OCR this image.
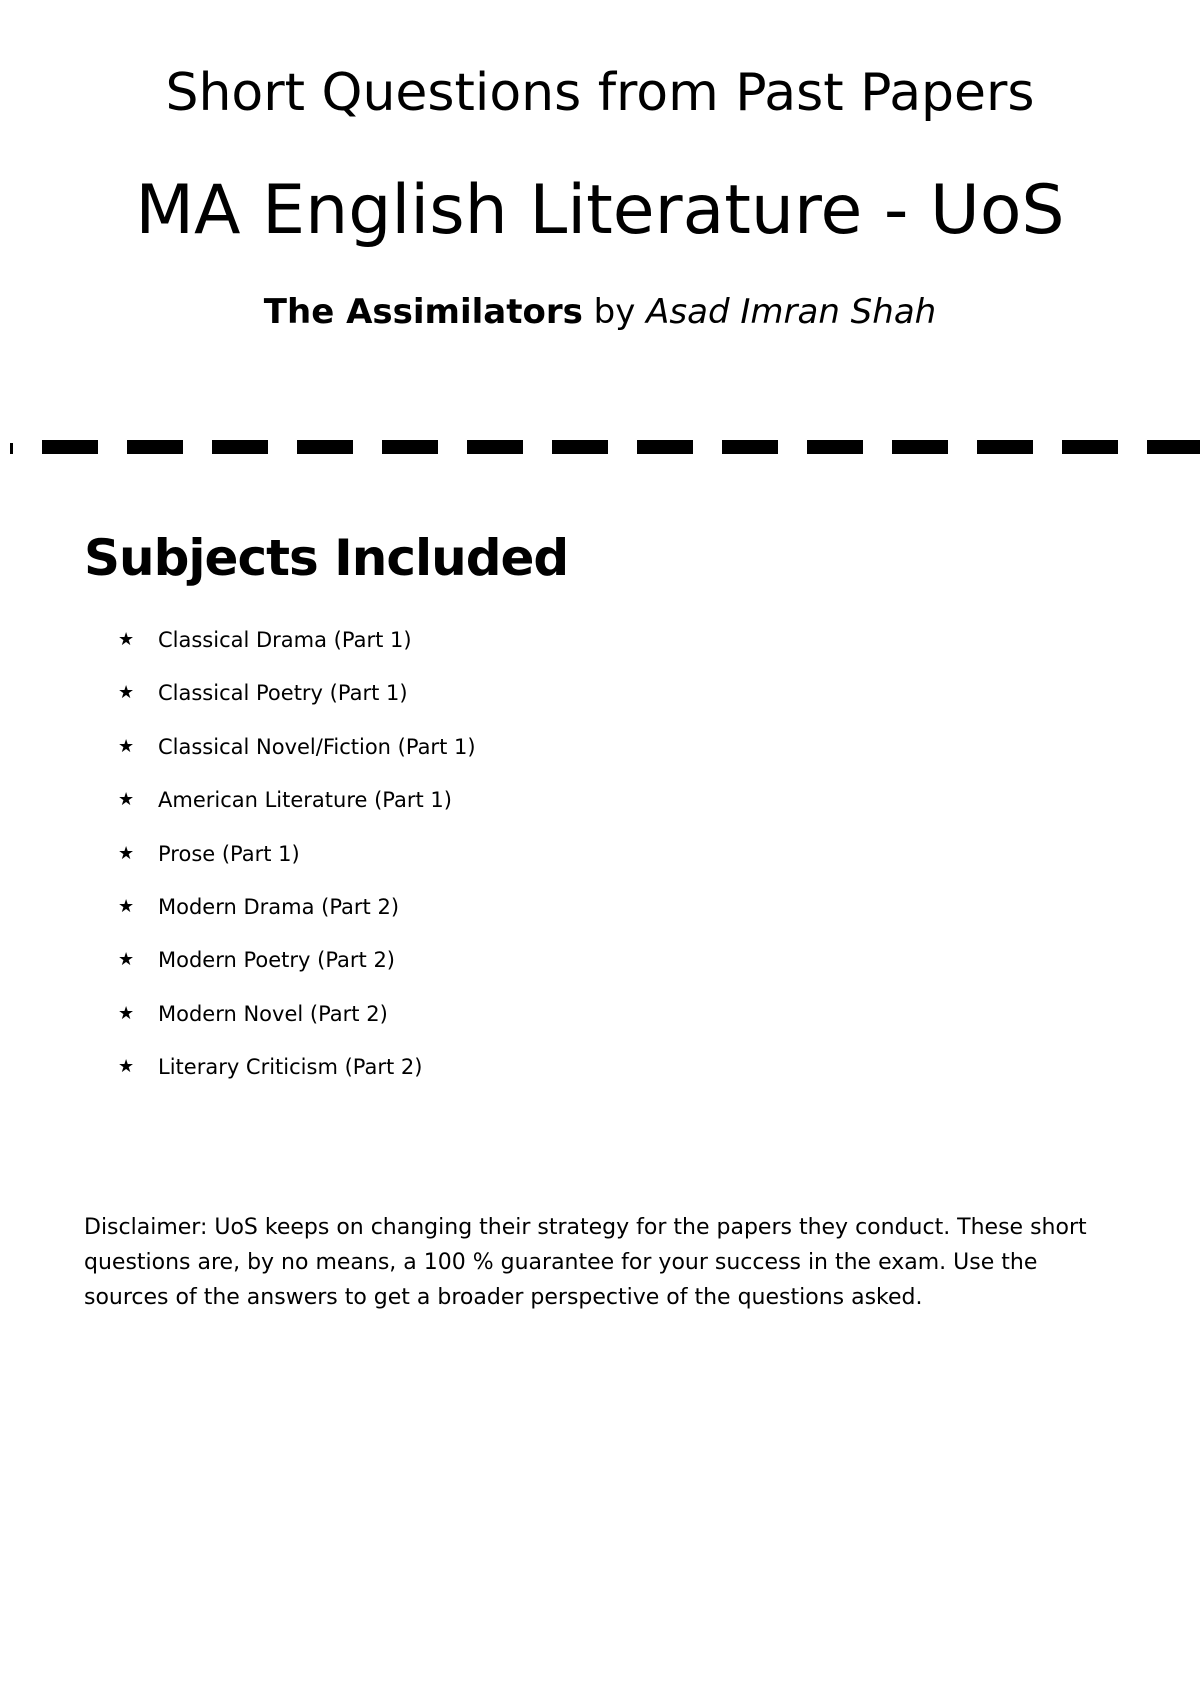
Short Questions from Past Papers
MA English Literature - UoS

The Assimilators by Asad Imran Shah

Subjects Included
★	Classical Drama (Part 1)
★	Classical Poetry (Part 1)
★	Classical Novel/Fiction (Part 1)
★	American Literature (Part 1)
★	Prose (Part 1)
★	Modern Drama (Part 2)
★	Modern Poetry (Part 2)
★	Modern Novel (Part 2)
★	Literary Criticism (Part 2)

Disclaimer: UoS keeps on changing their strategy for the papers they conduct. These short questions are, by no means, a 100 % guarantee for your success in the exam. Use the sources of the answers to get a broader perspective of the questions asked.
